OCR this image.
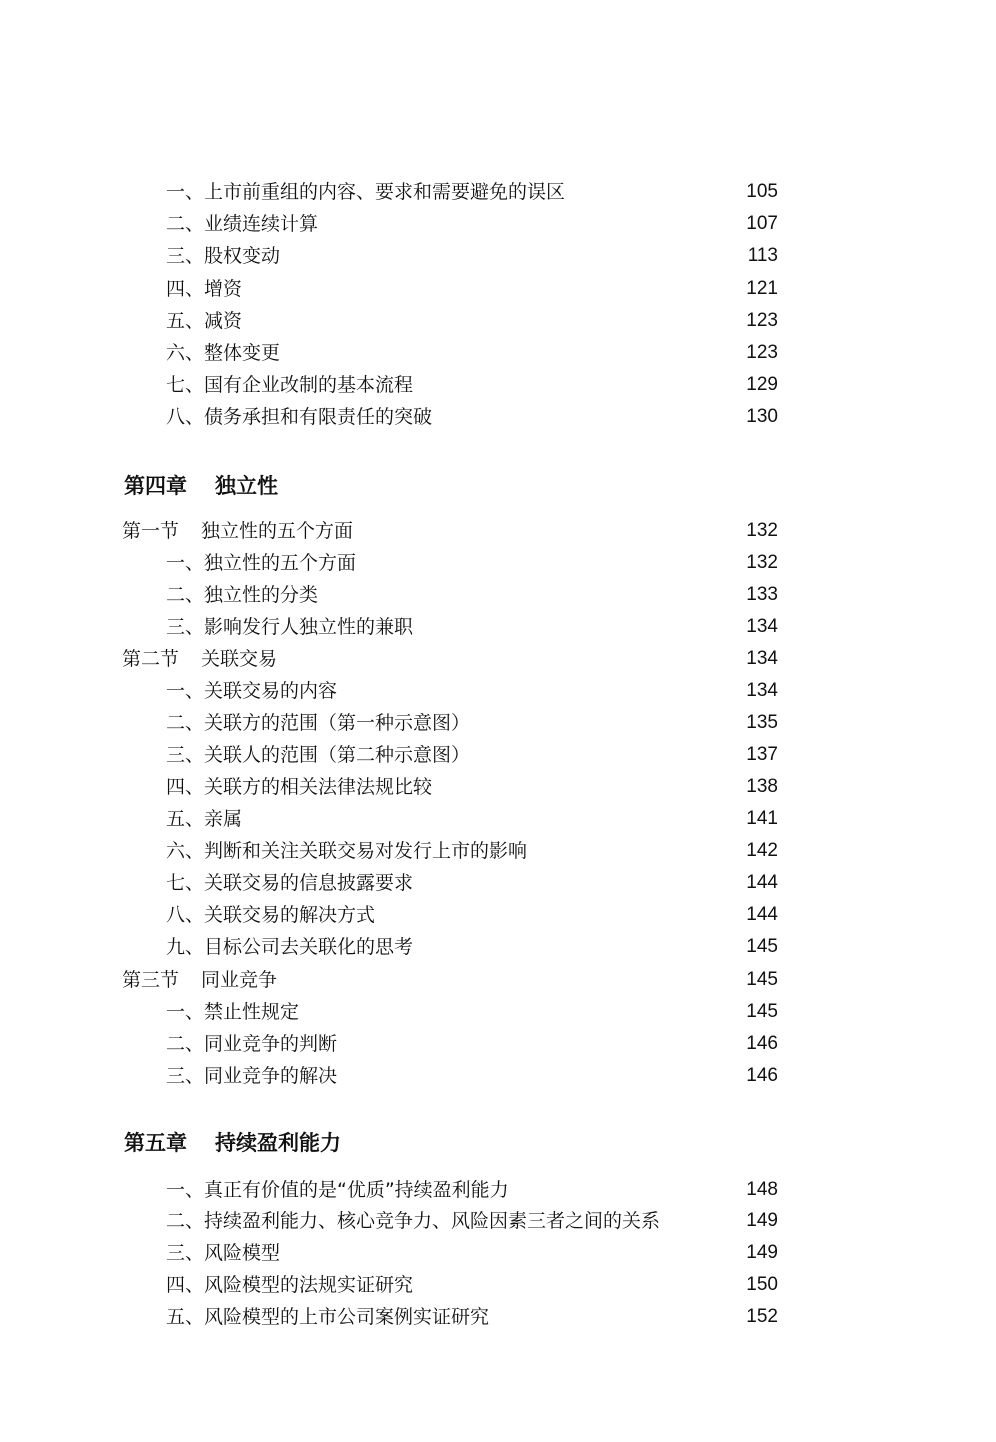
一、上市前重组的内容、要求和需要避免的误区	105
二、业绩连续计算	107
三、股权变动	113
四、增资	121
五、减资	123
六、整体变更	123
七、国有企业改制的基本流程	129
八、债务承担和有限责任的突破	130
第四章 独立性
第一节 独立性的五个方面	132
一、独立性的五个方面	132
二、独立性的分类	133
三、影响发行人独立性的兼职	134
第二节 关联交易	134
一、关联交易的内容	134
二、关联方的范围（第一种示意图）	135
三、关联人的范围（第二种示意图）	137
四、关联方的相关法律法规比较	138
五、亲属	141
六、判断和关注关联交易对发行上市的影响	142
七、关联交易的信息披露要求	144
八、关联交易的解决方式	144
九、目标公司去关联化的思考	145
第三节 同业竞争	145
一、禁止性规定	145
二、同业竞争的判断	146
三、同业竞争的解决	146
第五章 持续盈利能力
一、真正有价值的是“优质”持续盈利能力	148
二、持续盈利能力、核心竞争力、风险因素三者之间的关系	149
三、风险模型	149
四、风险模型的法规实证研究	150
五、风险模型的上市公司案例实证研究	152
